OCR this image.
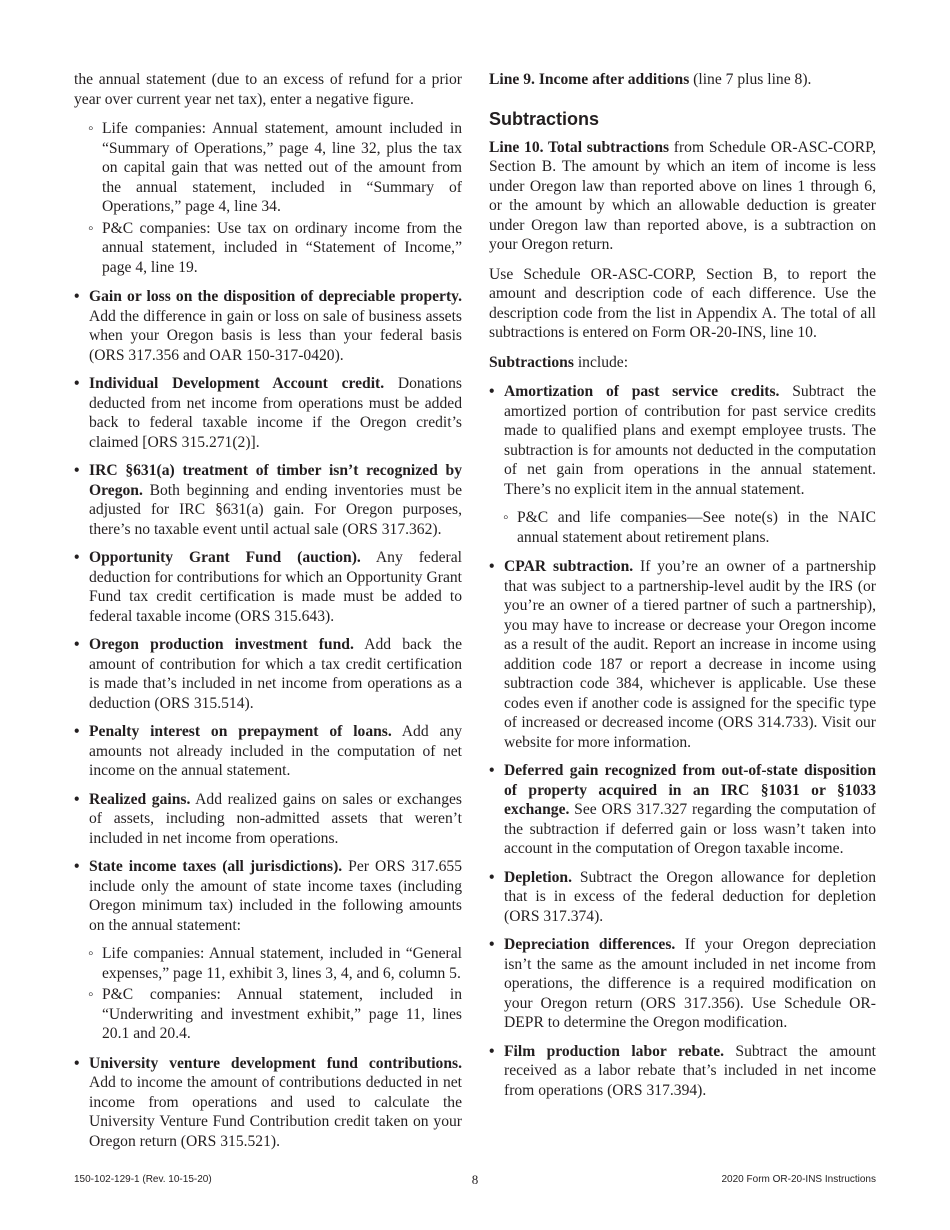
the annual statement (due to an excess of refund for a prior year over current year net tax), enter a negative figure.

◦ Life companies: Annual statement, amount included in “Summary of Operations,” page 4, line 32, plus the tax on capital gain that was netted out of the amount from the annual statement, included in “Summary of Operations,” page 4, line 34.
◦ P&C companies: Use tax on ordinary income from the annual statement, included in “Statement of Income,” page 4, line 19.
• Gain or loss on the disposition of depreciable property. Add the difference in gain or loss on sale of business assets when your Oregon basis is less than your federal basis (ORS 317.356 and OAR 150-317-0420).
• Individual Development Account credit. Donations deducted from net income from operations must be added back to federal taxable income if the Oregon credit’s claimed [ORS 315.271(2)].
• IRC §631(a) treatment of timber isn’t recognized by Oregon. Both beginning and ending inventories must be adjusted for IRC §631(a) gain. For Oregon purposes, there’s no taxable event until actual sale (ORS 317.362).
• Opportunity Grant Fund (auction). Any federal deduction for contributions for which an Opportunity Grant Fund tax credit certification is made must be added to federal taxable income (ORS 315.643).
• Oregon production investment fund. Add back the amount of contribution for which a tax credit certification is made that’s included in net income from operations as a deduction (ORS 315.514).
• Penalty interest on prepayment of loans. Add any amounts not already included in the computation of net income on the annual statement.
• Realized gains. Add realized gains on sales or exchanges of assets, including non-admitted assets that weren’t included in net income from operations.
• State income taxes (all jurisdictions). Per ORS 317.655 include only the amount of state income taxes (including Oregon minimum tax) included in the following amounts on the annual statement:
◦ Life companies: Annual statement, included in “General expenses,” page 11, exhibit 3, lines 3, 4, and 6, column 5.
◦ P&C companies: Annual statement, included in “Underwriting and investment exhibit,” page 11, lines 20.1 and 20.4.
• University venture development fund contributions. Add to income the amount of contributions deducted in net income from operations and used to calculate the University Venture Fund Contribution credit taken on your Oregon return (ORS 315.521).

Line 9. Income after additions (line 7 plus line 8).

Subtractions

Line 10. Total subtractions from Schedule OR-ASC-CORP, Section B. The amount by which an item of income is less under Oregon law than reported above on lines 1 through 6, or the amount by which an allowable deduction is greater under Oregon law than reported above, is a subtraction on your Oregon return.

Use Schedule OR-ASC-CORP, Section B, to report the amount and description code of each difference. Use the description code from the list in Appendix A. The total of all subtractions is entered on Form OR-20-INS, line 10.

Subtractions include:

• Amortization of past service credits. Subtract the amortized portion of contribution for past service credits made to qualified plans and exempt employee trusts. The subtraction is for amounts not deducted in the computation of net gain from operations in the annual statement. There’s no explicit item in the annual statement.
◦ P&C and life companies—See note(s) in the NAIC annual statement about retirement plans.
• CPAR subtraction. If you’re an owner of a partnership that was subject to a partnership-level audit by the IRS (or you’re an owner of a tiered partner of such a partnership), you may have to increase or decrease your Oregon income as a result of the audit. Report an increase in income using addition code 187 or report a decrease in income using subtraction code 384, whichever is applicable. Use these codes even if another code is assigned for the specific type of increased or decreased income (ORS 314.733). Visit our website for more information.
• Deferred gain recognized from out-of-state disposition of property acquired in an IRC §1031 or §1033 exchange. See ORS 317.327 regarding the computation of the subtraction if deferred gain or loss wasn’t taken into account in the computation of Oregon taxable income.
• Depletion. Subtract the Oregon allowance for depletion that is in excess of the federal deduction for depletion (ORS 317.374).
• Depreciation differences. If your Oregon depreciation isn’t the same as the amount included in net income from operations, the difference is a required modification on your Oregon return (ORS 317.356). Use Schedule OR-DEPR to determine the Oregon modification.
• Film production labor rebate. Subtract the amount received as a labor rebate that’s included in net income from operations (ORS 317.394).
150-102-129-1 (Rev. 10-15-20)	8	2020 Form OR-20-INS Instructions
